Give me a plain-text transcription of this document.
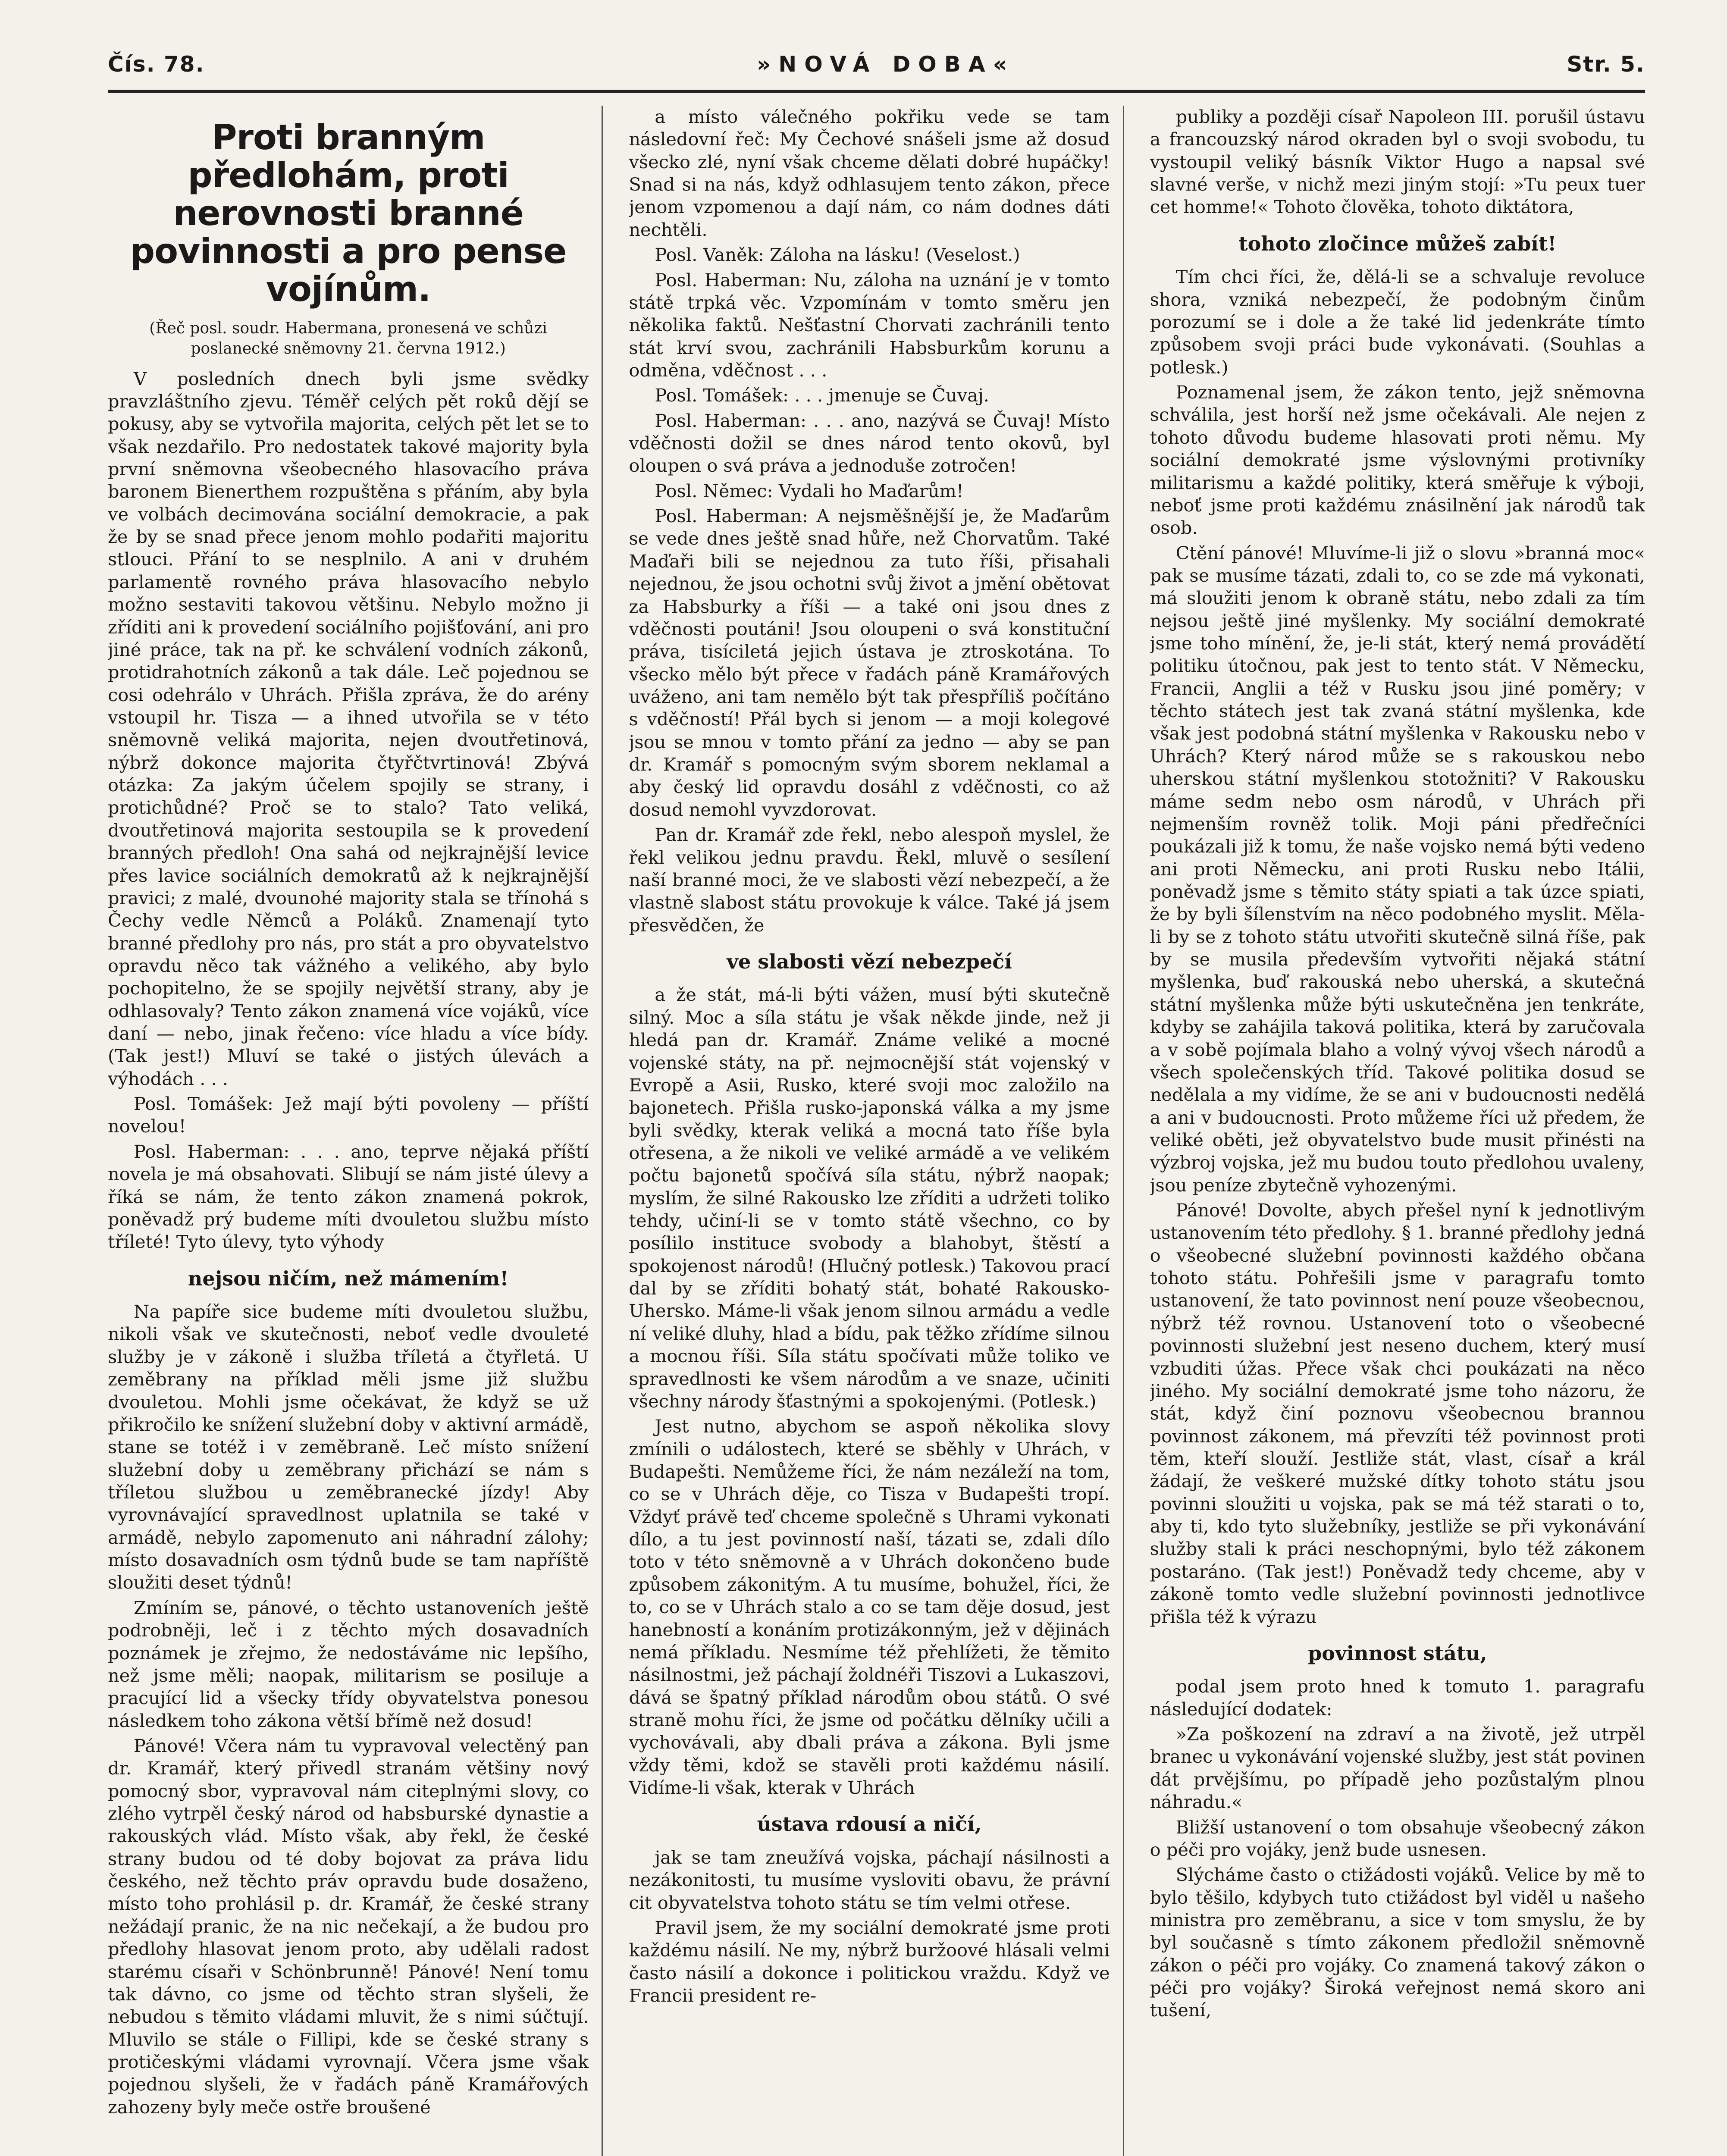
Čís. 78.	»NOVÁ DOBA«	Str. 5.
Proti branným předlohám, proti nerovnosti branné povinnosti a pro pense vojínům.
(Řeč posl. soudr. Habermana, pronesená ve schůzi poslanecké sněmovny 21. června 1912.)

V posledních dnech byli jsme svědky pravzláštního zjevu. Téměř celých pět roků dějí se pokusy, aby se vytvořila majorita, celých pět let se to však nezdařilo. Pro nedostatek takové majority byla první sněmovna všeobecného hlasovacího práva baronem Bienerthem rozpuštěna s přáním, aby byla ve volbách decimována sociální demokracie, a pak že by se snad přece jenom mohlo podařiti majoritu stlouci. Přání to se nesplnilo. A ani v druhém parlamentě rovného práva hlasovacího nebylo možno sestaviti takovou většinu. Nebylo možno ji zříditi ani k provedení sociálního pojišťování, ani pro jiné práce, tak na př. ke schválení vodních zákonů, protidrahotních zákonů a tak dále. Leč pojednou se cosi odehrálo v Uhrách. Přišla zpráva, že do arény vstoupil hr. Tisza — a ihned utvořila se v této sněmovně veliká majorita, nejen dvoutřetinová, nýbrž dokonce majorita čtyřčtvrtinová! Zbývá otázka: Za jakým účelem spojily se strany, i protichůdné? Proč se to stalo? Tato veliká, dvoutřetinová majorita sestoupila se k provedení branných předloh! Ona sahá od nejkrajnější levice přes lavice sociálních demokratů až k nejkrajnější pravici; z malé, dvounohé majority stala se třínohá s Čechy vedle Němců a Poláků. Znamenají tyto branné předlohy pro nás, pro stát a pro obyvatelstvo opravdu něco tak vážného a velikého, aby bylo pochopitelno, že se spojily největší strany, aby je odhlasovaly? Tento zákon znamená více vojáků, více daní — nebo, jinak řečeno: více hladu a více bídy. (Tak jest!) Mluví se také o jistých úlevách a výhodách . . .

Posl. Tomášek: Jež mají býti povoleny — příští novelou!

Posl. Haberman: . . . ano, teprve nějaká příští novela je má obsahovati. Slibují se nám jisté úlevy a říká se nám, že tento zákon znamená pokrok, poněvadž prý budeme míti dvouletou službu místo tříleté! Tyto úlevy, tyto výhody

nejsou ničím, než mámením!

Na papíře sice budeme míti dvouletou službu, nikoli však ve skutečnosti, neboť vedle dvouleté služby je v zákoně i služba tříletá a čtyřletá. U zeměbrany na příklad měli jsme již službu dvouletou. Mohli jsme očekávat, že když se už přikročilo ke snížení služební doby v aktivní armádě, stane se totéž i v zeměbraně. Leč místo snížení služební doby u zeměbrany přichází se nám s tříletou službou u zeměbranecké jízdy! Aby vyrovnávající spravedlnost uplatnila se také v armádě, nebylo zapomenuto ani náhradní zálohy; místo dosavadních osm týdnů bude se tam napříště sloužiti deset týdnů!

Zmíním se, pánové, o těchto ustanoveních ještě podrobněji, leč i z těchto mých dosavadních poznámek je zřejmo, že nedostáváme nic lepšího, než jsme měli; naopak, militarism se posiluje a pracující lid a všecky třídy obyvatelstva ponesou následkem toho zákona větší břímě než dosud!

Pánové! Včera nám tu vypravoval velectěný pan dr. Kramář, který přivedl stranám většiny nový pomocný sbor, vypravoval nám citeplnými slovy, co zlého vytrpěl český národ od habsburské dynastie a rakouských vlád. Místo však, aby řekl, že české strany budou od té doby bojovat za práva lidu českého, než těchto práv opravdu bude dosaženo, místo toho prohlásil p. dr. Kramář, že české strany nežádají pranic, že na nic nečekají, a že budou pro předlohy hlasovat jenom proto, aby udělali radost starému císaři v Schönbrunně! Pánové! Není tomu tak dávno, co jsme od těchto stran slyšeli, že nebudou s těmito vládami mluvit, že s nimi súčtují. Mluvilo se stále o Fillipi, kde se české strany s protičeskými vládami vyrovnají. Včera jsme však pojednou slyšeli, že v řadách páně Kramářových zahozeny byly meče ostře broušené

a místo válečného pokřiku vede se tam následovní řeč: My Čechové snášeli jsme až dosud všecko zlé, nyní však chceme dělati dobré hupáčky! Snad si na nás, když odhlasujem tento zákon, přece jenom vzpomenou a dají nám, co nám dodnes dáti nechtěli.

Posl. Vaněk: Záloha na lásku! (Veselost.)

Posl. Haberman: Nu, záloha na uznání je v tomto státě trpká věc. Vzpomínám v tomto směru jen několika faktů. Nešťastní Chorvati zachránili tento stát krví svou, zachránili Habsburkům korunu a odměna, vděčnost . . .

Posl. Tomášek: . . . jmenuje se Čuvaj.

Posl. Haberman: . . . ano, nazývá se Čuvaj! Místo vděčnosti dožil se dnes národ tento okovů, byl oloupen o svá práva a jednoduše zotročen!

Posl. Němec: Vydali ho Maďarům!

Posl. Haberman: A nejsměšnější je, že Maďarům se vede dnes ještě snad hůře, než Chorvatům. Také Maďaři bili se nejednou za tuto říši, přisahali nejednou, že jsou ochotni svůj život a jmění obětovat za Habsburky a říši — a také oni jsou dnes z vděčnosti poutáni! Jsou oloupeni o svá konstituční práva, tisíciletá jejich ústava je ztroskotána. To všecko mělo být přece v řadách páně Kramářových uváženo, ani tam nemělo být tak přespříliš počítáno s vděčností! Přál bych si jenom — a moji kolegové jsou se mnou v tomto přání za jedno — aby se pan dr. Kramář s pomocným svým sborem neklamal a aby český lid opravdu dosáhl z vděčnosti, co až dosud nemohl vyvzdorovat.

Pan dr. Kramář zde řekl, nebo alespoň myslel, že řekl velikou jednu pravdu. Řekl, mluvě o sesílení naší branné moci, že ve slabosti vězí nebezpečí, a že vlastně slabost státu provokuje k válce. Také já jsem přesvědčen, že

ve slabosti vězí nebezpečí

a že stát, má-li býti vážen, musí býti skutečně silný. Moc a síla státu je však někde jinde, než ji hledá pan dr. Kramář. Známe veliké a mocné vojenské státy, na př. nejmocnější stát vojenský v Evropě a Asii, Rusko, které svoji moc založilo na bajonetech. Přišla rusko-japonská válka a my jsme byli svědky, kterak veliká a mocná tato říše byla otřesena, a že nikoli ve veliké armádě a ve velikém počtu bajonetů spočívá síla státu, nýbrž naopak; myslím, že silné Rakousko lze zříditi a udržeti toliko tehdy, učiní-li se v tomto státě všechno, co by posílilo instituce svobody a blahobyt, štěstí a spokojenost národů! (Hlučný potlesk.) Takovou prací dal by se zříditi bohatý stát, bohaté Rakousko-Uhersko. Máme-li však jenom silnou armádu a vedle ní veliké dluhy, hlad a bídu, pak těžko zřídíme silnou a mocnou říši. Síla státu spočívati může toliko ve spravedlnosti ke všem národům a ve snaze, učiniti všechny národy šťastnými a spokojenými. (Potlesk.)

Jest nutno, abychom se aspoň několika slovy zmínili o událostech, které se sběhly v Uhrách, v Budapešti. Nemůžeme říci, že nám nezáleží na tom, co se v Uhrách děje, co Tisza v Budapešti tropí. Vždyť právě teď chceme společně s Uhrami vykonati dílo, a tu jest povinností naší, tázati se, zdali dílo toto v této sněmovně a v Uhrách dokončeno bude způsobem zákonitým. A tu musíme, bohužel, říci, že to, co se v Uhrách stalo a co se tam děje dosud, jest hanebností a konáním protizákonným, jež v dějinách nemá příkladu. Nesmíme též přehlížeti, že těmito násilnostmi, jež páchají žoldnéři Tiszovi a Lukaszovi, dává se špatný příklad národům obou států. O své straně mohu říci, že jsme od počátku dělníky učili a vychovávali, aby dbali práva a zákona. Byli jsme vždy těmi, kdož se stavěli proti každému násilí. Vidíme-li však, kterak v Uhrách

ústava rdousí a ničí,

jak se tam zneužívá vojska, páchají násilnosti a nezákonitosti, tu musíme vysloviti obavu, že právní cit obyvatelstva tohoto státu se tím velmi otřese.

Pravil jsem, že my sociální demokraté jsme proti každému násilí. Ne my, nýbrž buržoové hlásali velmi často násilí a dokonce i politickou vraždu. Když ve Francii president re-

publiky a později císař Napoleon III. porušil ústavu a francouzský národ okraden byl o svoji svobodu, tu vystoupil veliký básník Viktor Hugo a napsal své slavné verše, v nichž mezi jiným stojí: »Tu peux tuer cet homme!« Tohoto člověka, tohoto diktátora,

tohoto zločince můžeš zabít!

Tím chci říci, že, dělá-li se a schvaluje revoluce shora, vzniká nebezpečí, že podobným činům porozumí se i dole a že také lid jedenkráte tímto způsobem svoji práci bude vykonávati. (Souhlas a potlesk.)

Poznamenal jsem, že zákon tento, jejž sněmovna schválila, jest horší než jsme očekávali. Ale nejen z tohoto důvodu budeme hlasovati proti němu. My sociální demokraté jsme výslovnými protivníky militarismu a každé politiky, která směřuje k výboji, neboť jsme proti každému znásilnění jak národů tak osob.

Ctění pánové! Mluvíme-li již o slovu »branná moc« pak se musíme tázati, zdali to, co se zde má vykonati, má sloužiti jenom k obraně státu, nebo zdali za tím nejsou ještě jiné myšlenky. My sociální demokraté jsme toho mínění, že, je-li stát, který nemá provádětí politiku útočnou, pak jest to tento stát. V Německu, Francii, Anglii a též v Rusku jsou jiné poměry; v těchto státech jest tak zvaná státní myšlenka, kde však jest podobná státní myšlenka v Rakousku nebo v Uhrách? Který národ může se s rakouskou nebo uherskou státní myšlenkou stotožniti? V Rakousku máme sedm nebo osm národů, v Uhrách při nejmenším rovněž tolik. Moji páni předřečníci poukázali již k tomu, že naše vojsko nemá býti vedeno ani proti Německu, ani proti Rusku nebo Itálii, poněvadž jsme s těmito státy spiati a tak úzce spiati, že by byli šílenstvím na něco podobného myslit. Měla-li by se z tohoto státu utvořiti skutečně silná říše, pak by se musila především vytvořiti nějaká státní myšlenka, buď rakouská nebo uherská, a skutečná státní myšlenka může býti uskutečněna jen tenkráte, kdyby se zahájila taková politika, která by zaručovala a v sobě pojímala blaho a volný vývoj všech národů a všech společenských tříd. Takové politika dosud se nedělala a my vidíme, že se ani v budoucnosti nedělá a ani v budoucnosti. Proto můžeme říci už předem, že veliké oběti, jež obyvatelstvo bude musit přinésti na výzbroj vojska, jež mu budou touto předlohou uvaleny, jsou peníze zbytečně vyhozenými.

Pánové! Dovolte, abych přešel nyní k jednotlivým ustanovením této předlohy. § 1. branné předlohy jedná o všeobecné služební povinnosti každého občana tohoto státu. Pohřešili jsme v paragrafu tomto ustanovení, že tato povinnost není pouze všeobecnou, nýbrž též rovnou. Ustanovení toto o všeobecné povinnosti služební jest neseno duchem, který musí vzbuditi úžas. Přece však chci poukázati na něco jiného. My sociální demokraté jsme toho názoru, že stát, když činí poznovu všeobecnou brannou povinnost zákonem, má převzíti též povinnost proti těm, kteří slouží. Jestliže stát, vlast, císař a král žádají, že veškeré mužské dítky tohoto státu jsou povinni sloužiti u vojska, pak se má též starati o to, aby ti, kdo tyto služebníky, jestliže se při vykonávání služby stali k práci neschopnými, bylo též zákonem postaráno. (Tak jest!) Poněvadž tedy chceme, aby v zákoně tomto vedle služební povinnosti jednotlivce přišla též k výrazu

povinnost státu,

podal jsem proto hned k tomuto 1. paragrafu následující dodatek:

»Za poškození na zdraví a na životě, jež utrpěl branec u vykonávání vojenské služby, jest stát povinen dát prvějšímu, po případě jeho pozůstalým plnou náhradu.«

Bližší ustanovení o tom obsahuje všeobecný zákon o péči pro vojáky, jenž bude usnesen.

Slýcháme často o ctižádosti vojáků. Velice by mě to bylo těšilo, kdybych tuto ctižádost byl viděl u našeho ministra pro zeměbranu, a sice v tom smyslu, že by byl současně s tímto zákonem předložil sněmovně zákon o péči pro vojáky. Co znamená takový zákon o péči pro vojáky? Široká veřejnost nemá skoro ani tušení,
